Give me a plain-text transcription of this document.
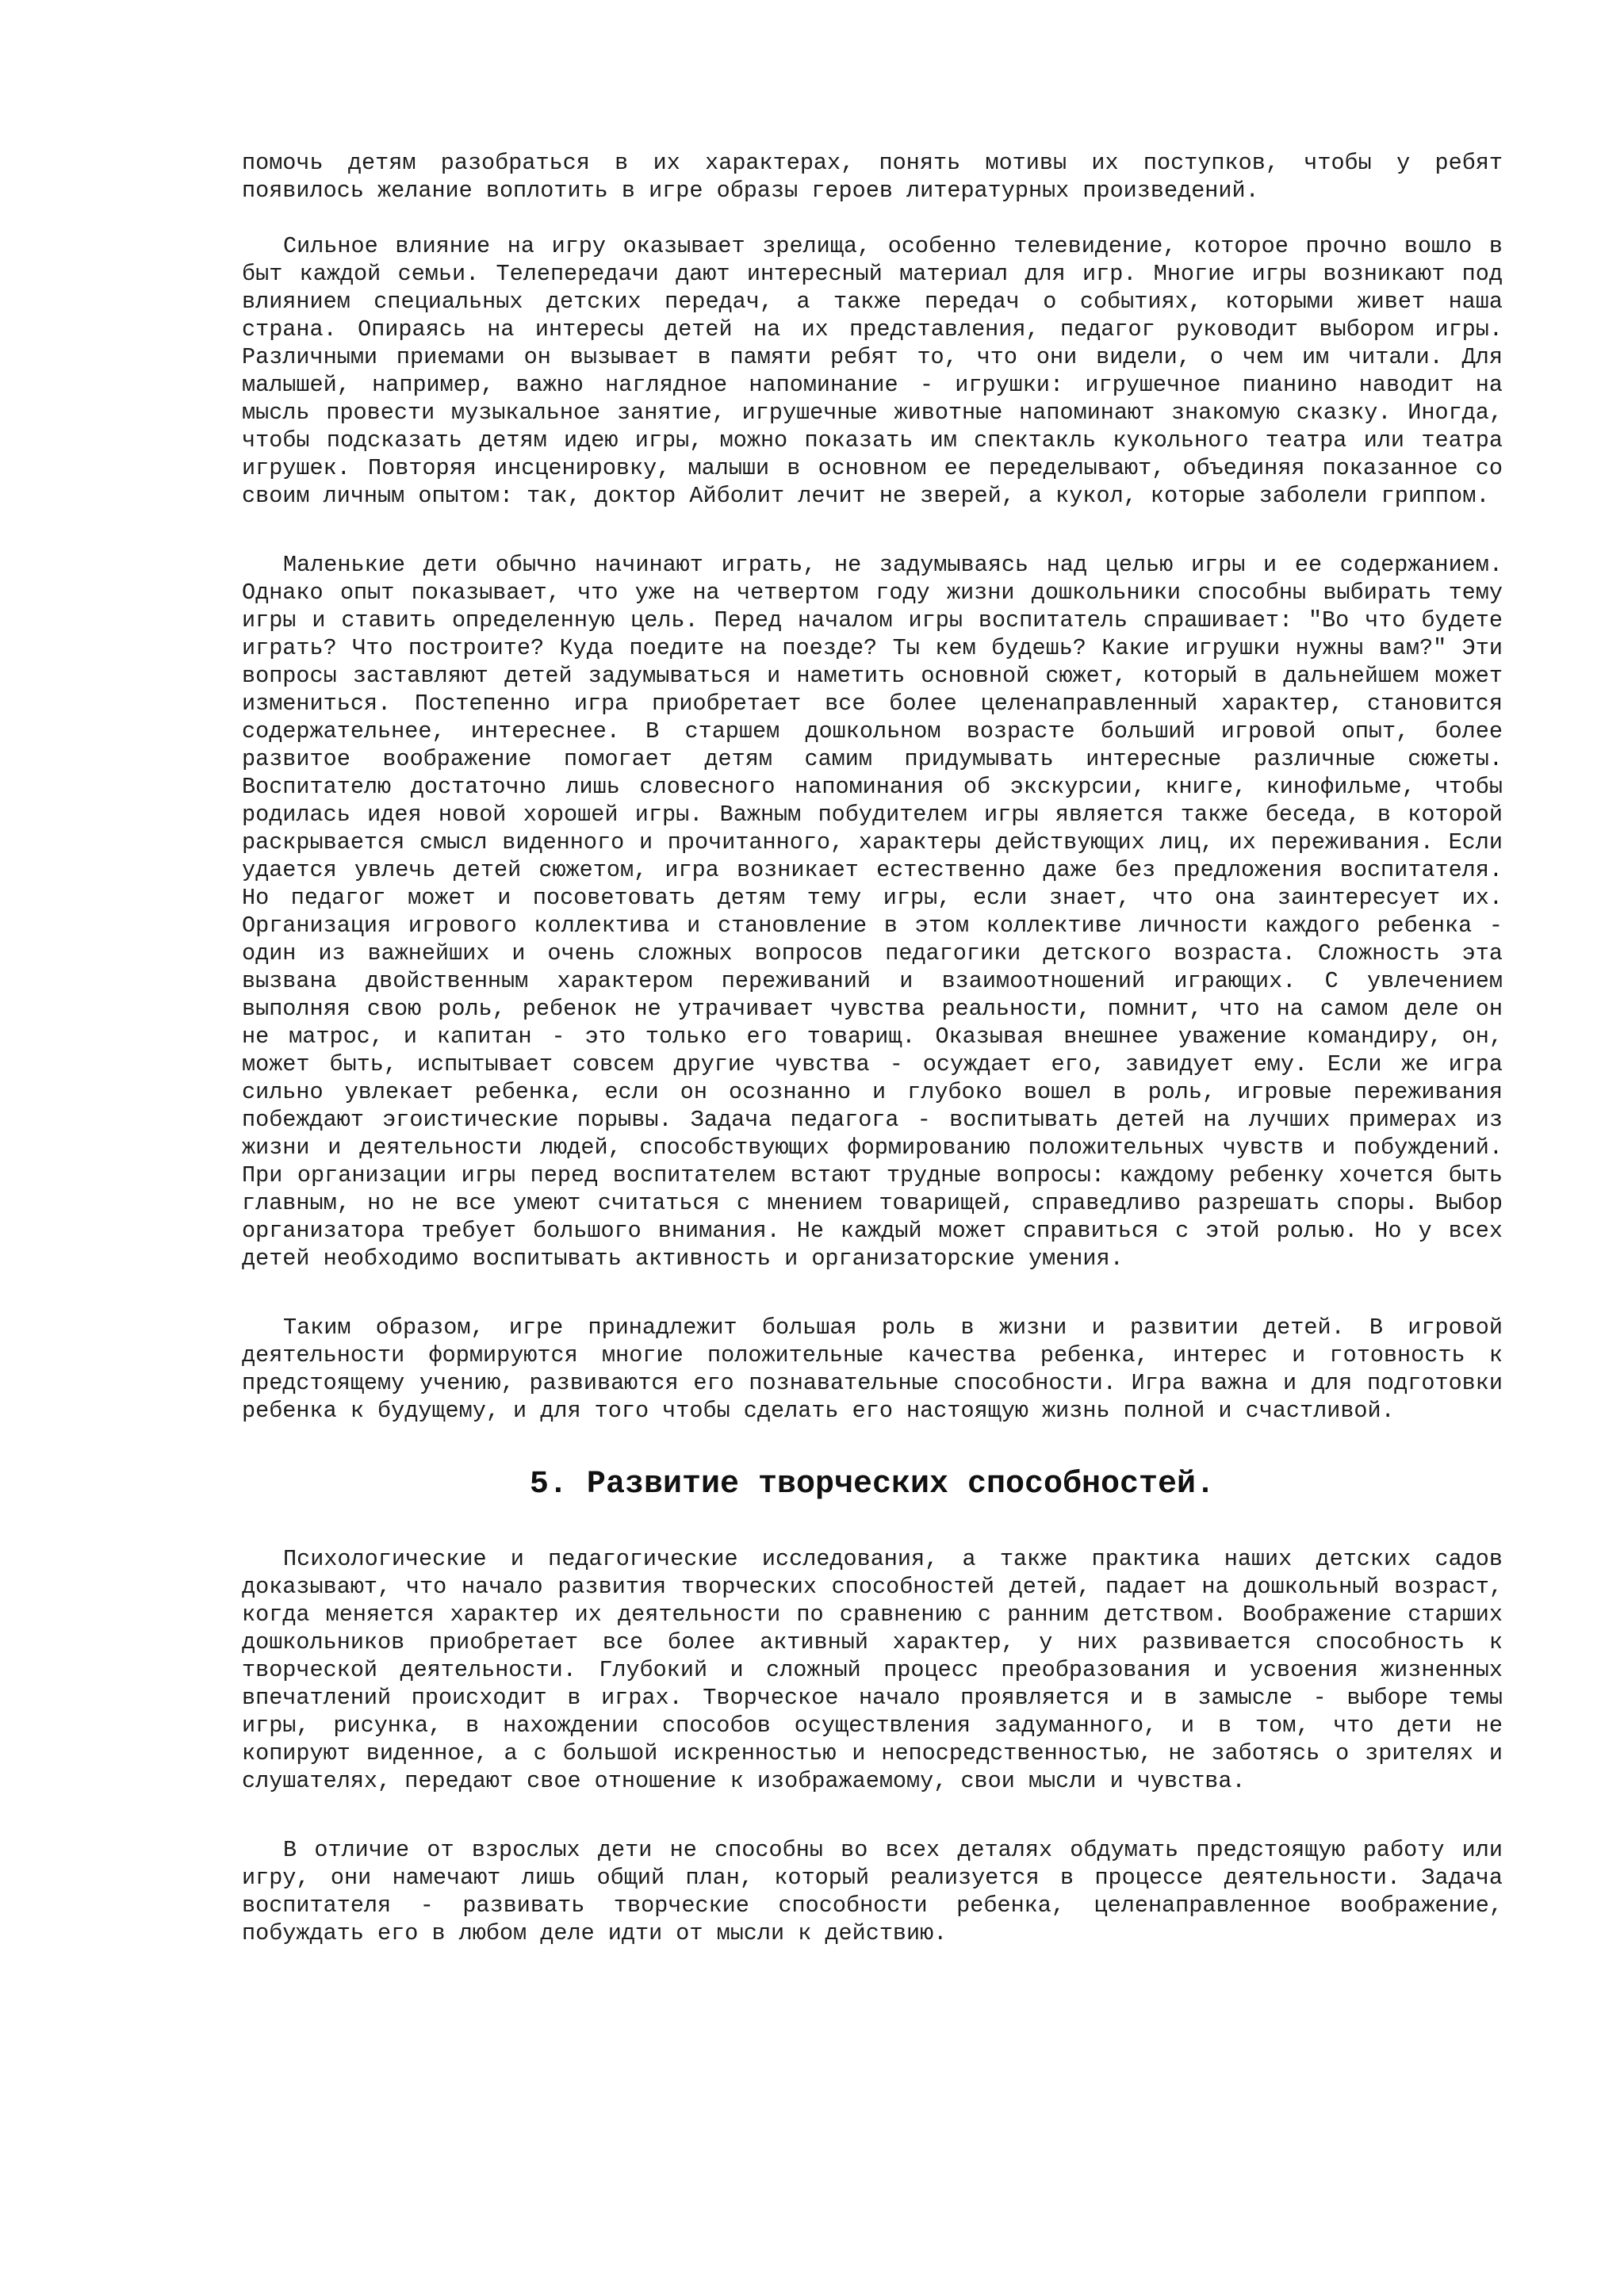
помочь детям разобраться в их характерах, понять мотивы их поступков, чтобы у ребят появилось желание воплотить в игре образы героев литературных произведений.

Сильное влияние на игру оказывает зрелища, особенно телевидение, которое прочно вошло в быт каждой семьи. Телепередачи дают интересный материал для игр. Многие игры возникают под влиянием специальных детских передач, а также передач о событиях, которыми живет наша страна. Опираясь на интересы детей на их представления, педагог руководит выбором игры. Различными приемами он вызывает в памяти ребят то, что они видели, о чем им читали. Для малышей, например, важно наглядное напоминание - игрушки: игрушечное пианино наводит на мысль провести музыкальное занятие, игрушечные животные напоминают знакомую сказку. Иногда, чтобы подсказать детям идею игры, можно показать им спектакль кукольного театра или театра игрушек. Повторяя инсценировку, малыши в основном ее переделывают, объединяя показанное со своим личным опытом: так, доктор Айболит лечит не зверей, а кукол, которые заболели гриппом.

Маленькие дети обычно начинают играть, не задумываясь над целью игры и ее содержанием. Однако опыт показывает, что уже на четвертом году жизни дошкольники способны выбирать тему игры и ставить определенную цель. Перед началом игры воспитатель спрашивает: "Во что будете играть? Что построите? Куда поедите на поезде? Ты кем будешь? Какие игрушки нужны вам?" Эти вопросы заставляют детей задумываться и наметить основной сюжет, который в дальнейшем может измениться. Постепенно игра приобретает все более целенаправленный характер, становится содержательнее, интереснее. В старшем дошкольном возрасте больший игровой опыт, более развитое воображение помогает детям самим придумывать интересные различные сюжеты. Воспитателю достаточно лишь словесного напоминания об экскурсии, книге, кинофильме, чтобы родилась идея новой хорошей игры. Важным побудителем игры является также беседа, в которой раскрывается смысл виденного и прочитанного, характеры действующих лиц, их переживания. Если удается увлечь детей сюжетом, игра возникает естественно даже без предложения воспитателя. Но педагог может и посоветовать детям тему игры, если знает, что она заинтересует их. Организация игрового коллектива и становление в этом коллективе личности каждого ребенка - один из важнейших и очень сложных вопросов педагогики детского возраста. Сложность эта вызвана двойственным характером переживаний и взаимоотношений играющих. С увлечением выполняя свою роль, ребенок не утрачивает чувства реальности, помнит, что на самом деле он не матрос, и капитан - это только его товарищ. Оказывая внешнее уважение командиру, он, может быть, испытывает совсем другие чувства - осуждает его, завидует ему. Если же игра сильно увлекает ребенка, если он осознанно и глубоко вошел в роль, игровые переживания побеждают эгоистические порывы. Задача педагога - воспитывать детей на лучших примерах из жизни и деятельности людей, способствующих формированию положительных чувств и побуждений. При организации игры перед воспитателем встают трудные вопросы: каждому ребенку хочется быть главным, но не все умеют считаться с мнением товарищей, справедливо разрешать споры. Выбор организатора требует большого внимания. Не каждый может справиться с этой ролью. Но у всех детей необходимо воспитывать активность и организаторские умения.

Таким образом, игре принадлежит большая роль в жизни и развитии детей. В игровой деятельности формируются многие положительные качества ребенка, интерес и готовность к предстоящему учению, развиваются его познавательные способности. Игра важна и для подготовки ребенка к будущему, и для того чтобы сделать его настоящую жизнь полной и счастливой.

5. Развитие творческих способностей.

Психологические и педагогические исследования, а также практика наших детских садов доказывают, что начало развития творческих способностей детей, падает на дошкольный возраст, когда меняется характер их деятельности по сравнению с ранним детством. Воображение старших дошкольников приобретает все более активный характер, у них развивается способность к творческой деятельности. Глубокий и сложный процесс преобразования и усвоения жизненных впечатлений происходит в играх. Творческое начало проявляется и в замысле - выборе темы игры, рисунка, в нахождении способов осуществления задуманного, и в том, что дети не копируют виденное, а с большой искренностью и непосредственностью, не заботясь о зрителях и слушателях, передают свое отношение к изображаемому, свои мысли и чувства.

В отличие от взрослых дети не способны во всех деталях обдумать предстоящую работу или игру, они намечают лишь общий план, который реализуется в процессе деятельности. Задача воспитателя - развивать творческие способности ребенка, целенаправленное воображение, побуждать его в любом деле идти от мысли к действию.
